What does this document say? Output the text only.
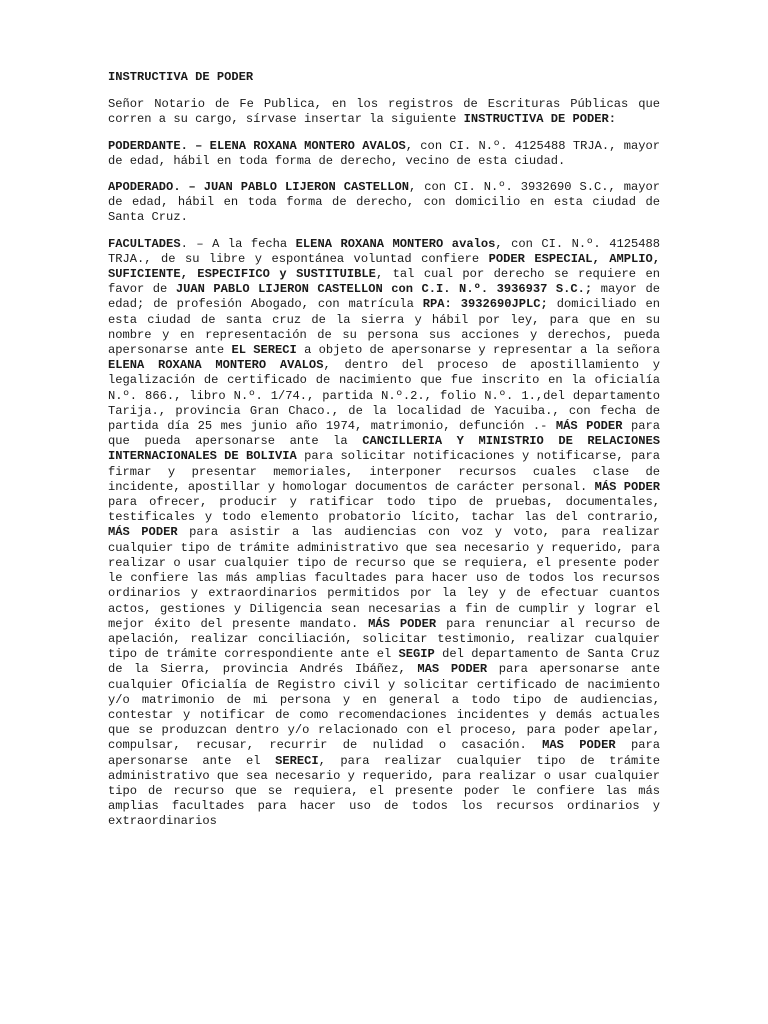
INSTRUCTIVA DE PODER

Señor Notario de Fe Publica, en los registros de Escrituras Públicas que corren a su cargo, sírvase insertar la siguiente INSTRUCTIVA DE PODER:

PODERDANTE. – ELENA ROXANA MONTERO AVALOS, con CI. N.º. 4125488 TRJA., mayor de edad, hábil en toda forma de derecho, vecino de esta ciudad.

APODERADO. – JUAN PABLO LIJERON CASTELLON, con CI. N.º. 3932690 S.C., mayor de edad, hábil en toda forma de derecho, con domicilio en esta ciudad de Santa Cruz.

FACULTADES. – A la fecha ELENA ROXANA MONTERO avalos, con CI. N.º. 4125488 TRJA., de su libre y espontánea voluntad confiere PODER ESPECIAL, AMPLIO, SUFICIENTE, ESPECIFICO y SUSTITUIBLE, tal cual por derecho se requiere en favor de JUAN PABLO LIJERON CASTELLON con C.I. N.º. 3936937 S.C.; mayor de edad; de profesión Abogado, con matrícula RPA: 3932690JPLC; domiciliado en esta ciudad de santa cruz de la sierra y hábil por ley, para que en su nombre y en representación de su persona sus acciones y derechos, pueda apersonarse ante EL SERECI a objeto de apersonarse y representar a la señora ELENA ROXANA MONTERO AVALOS, dentro del proceso de apostillamiento y legalización de certificado de nacimiento que fue inscrito en la oficialía N.º. 866., libro N.º. 1/74., partida N.º.2., folio N.º. 1.,del departamento Tarija., provincia Gran Chaco., de la localidad de Yacuiba., con fecha de partida día 25 mes junio año 1974, matrimonio, defunción .- MÁS PODER para que pueda apersonarse ante la CANCILLERIA Y MINISTRIO DE RELACIONES INTERNACIONALES DE BOLIVIA para solicitar notificaciones y notificarse, para firmar y presentar memoriales, interponer recursos cuales clase de incidente, apostillar y homologar documentos de carácter personal. MÁS PODER para ofrecer, producir y ratificar todo tipo de pruebas, documentales, testificales y todo elemento probatorio lícito, tachar las del contrario, MÁS PODER para asistir a las audiencias con voz y voto, para realizar cualquier tipo de trámite administrativo que sea necesario y requerido, para realizar o usar cualquier tipo de recurso que se requiera, el presente poder le confiere las más amplias facultades para hacer uso de todos los recursos ordinarios y extraordinarios permitidos por la ley y de efectuar cuantos actos, gestiones y Diligencia sean necesarias a fin de cumplir y lograr el mejor éxito del presente mandato. MÁS PODER para renunciar al recurso de apelación, realizar conciliación, solicitar testimonio, realizar cualquier tipo de trámite correspondiente ante el SEGIP del departamento de Santa Cruz de la Sierra, provincia Andrés Ibáñez, MAS PODER para apersonarse ante cualquier Oficialía de Registro civil y solicitar certificado de nacimiento y/o matrimonio de mi persona y en general a todo tipo de audiencias, contestar y notificar de como recomendaciones incidentes y demás actuales que se produzcan dentro y/o relacionado con el proceso, para poder apelar, compulsar, recusar, recurrir de nulidad o casación. MAS PODER para apersonarse ante el SERECI, para realizar cualquier tipo de trámite administrativo que sea necesario y requerido, para realizar o usar cualquier tipo de recurso que se requiera, el presente poder le confiere las más amplias facultades para hacer uso de todos los recursos ordinarios y extraordinarios
